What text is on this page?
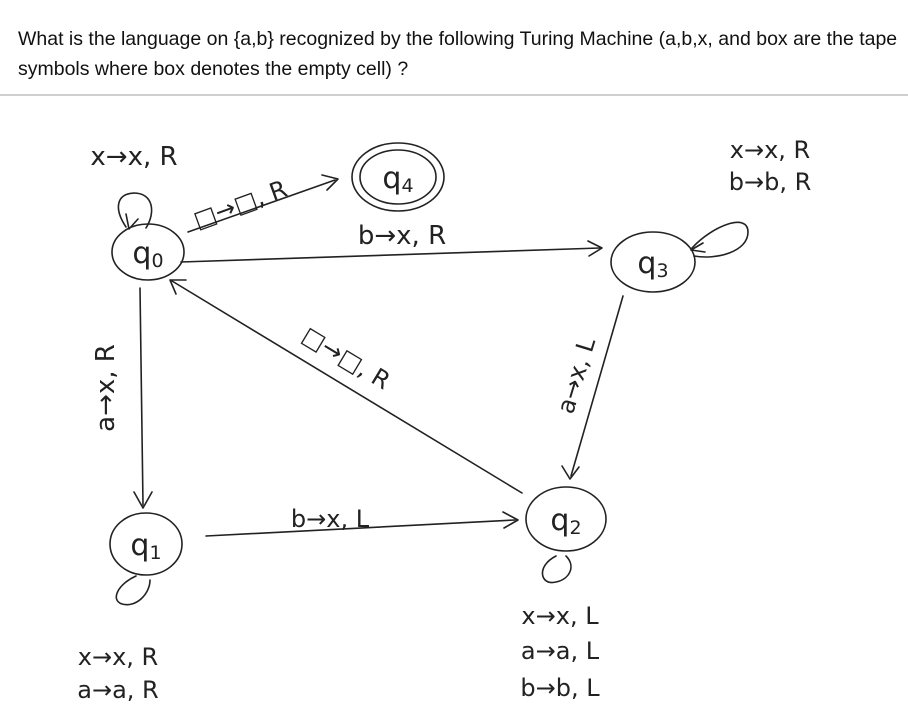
What is the language on {a,b} recognized by the following Turing Machine (a,b,x, and box are the tape symbols where box denotes the empty cell) ?
q0
q4
q3
q1
q2
x→x, R
□→□, R
b→x, R
□→□, R
a→x, R	a→x, L
b→x, L
x→x, R
b→b, R
x→x, R
a→a, R
x→x, L
a→a, L
b→b, L
